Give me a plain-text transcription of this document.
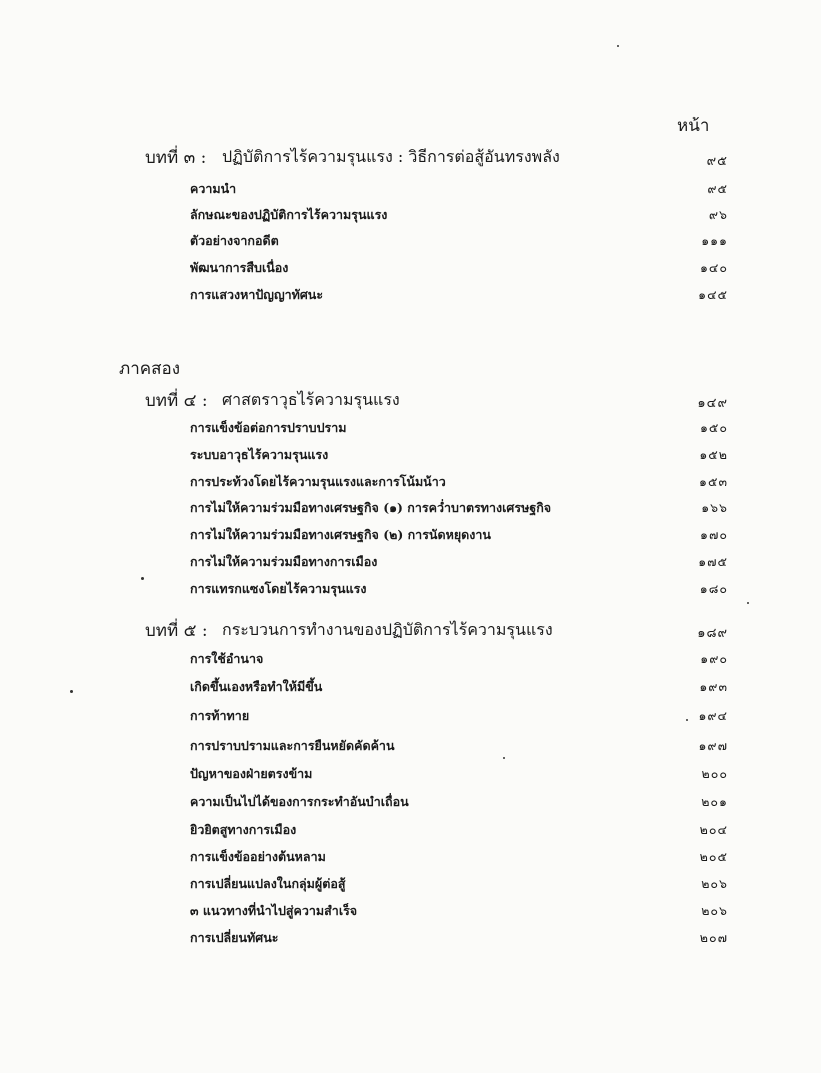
หน้า
บทที่ ๓ : ปฏิบัติการไร้ความรุนแรง : วิธีการต่อสู้อันทรงพลัง	๙๕
ความนำ	๙๕
ลักษณะของปฏิบัติการไร้ความรุนแรง	๙๖
ตัวอย่างจากอดีต	๑๑๑
พัฒนาการสืบเนื่อง	๑๔๐
การแสวงหาปัญญาทัศนะ	๑๔๕
ภาคสอง
บทที่ ๔ : ศาสตราวุธไร้ความรุนแรง	๑๔๙
การแข็งข้อต่อการปราบปราม	๑๕๐
ระบบอาวุธไร้ความรุนแรง	๑๕๒
การประท้วงโดยไร้ความรุนแรงและการโน้มน้าว	๑๕๓
การไม่ให้ความร่วมมือทางเศรษฐกิจ (๑) การคว่ำบาตรทางเศรษฐกิจ	๑๖๖
การไม่ให้ความร่วมมือทางเศรษฐกิจ (๒) การนัดหยุดงาน	๑๗๐
การไม่ให้ความร่วมมือทางการเมือง	๑๗๕
การแทรกแซงโดยไร้ความรุนแรง	๑๘๐
บทที่ ๕ : กระบวนการทำงานของปฏิบัติการไร้ความรุนแรง	๑๘๙
การใช้อำนาจ	๑๙๐
เกิดขึ้นเองหรือทำให้มีขึ้น	๑๙๓
การท้าทาย	๑๙๔
การปราบปรามและการยืนหยัดคัดค้าน	๑๙๗
ปัญหาของฝ่ายตรงข้าม	๒๐๐
ความเป็นไปได้ของการกระทำอันบำเถื่อน	๒๐๑
ยิวยิตสูทางการเมือง	๒๐๔
การแข็งข้ออย่างต้นหลาม	๒๐๕
การเปลี่ยนแปลงในกลุ่มผู้ต่อสู้	๒๐๖
๓ แนวทางที่นำไปสู่ความสำเร็จ	๒๐๖
การเปลี่ยนทัศนะ	๒๐๗
